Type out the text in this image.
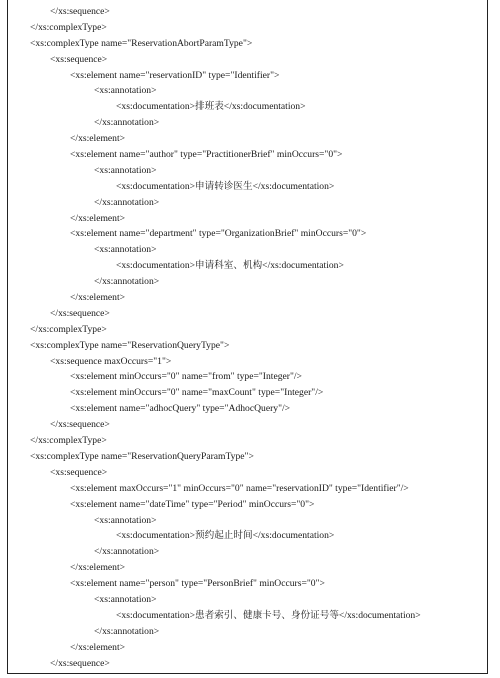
</xs:sequence>
</xs:complexType>
<xs:complexType name="ReservationAbortParamType">
<xs:sequence>
<xs:element name="reservationID" type="Identifier">
<xs:annotation>
<xs:documentation>排班表</xs:documentation>
</xs:annotation>
</xs:element>
<xs:element name="author" type="PractitionerBrief" minOccurs="0">
<xs:annotation>
<xs:documentation>申请转诊医生</xs:documentation>
</xs:annotation>
</xs:element>
<xs:element name="department" type="OrganizationBrief" minOccurs="0">
<xs:annotation>
<xs:documentation>申请科室、机构</xs:documentation>
</xs:annotation>
</xs:element>
</xs:sequence>
</xs:complexType>
<xs:complexType name="ReservationQueryType">
<xs:sequence maxOccurs="1">
<xs:element minOccurs="0" name="from" type="Integer"/>
<xs:element minOccurs="0" name="maxCount" type="Integer"/>
<xs:element name="adhocQuery" type="AdhocQuery"/>
</xs:sequence>
</xs:complexType>
<xs:complexType name="ReservationQueryParamType">
<xs:sequence>
<xs:element maxOccurs="1" minOccurs="0" name="reservationID" type="Identifier"/>
<xs:element name="dateTime" type="Period" minOccurs="0">
<xs:annotation>
<xs:documentation>预约起止时间</xs:documentation>
</xs:annotation>
</xs:element>
<xs:element name="person" type="PersonBrief" minOccurs="0">
<xs:annotation>
<xs:documentation>患者索引、健康卡号、身份证号等</xs:documentation>
</xs:annotation>
</xs:element>
</xs:sequence>
